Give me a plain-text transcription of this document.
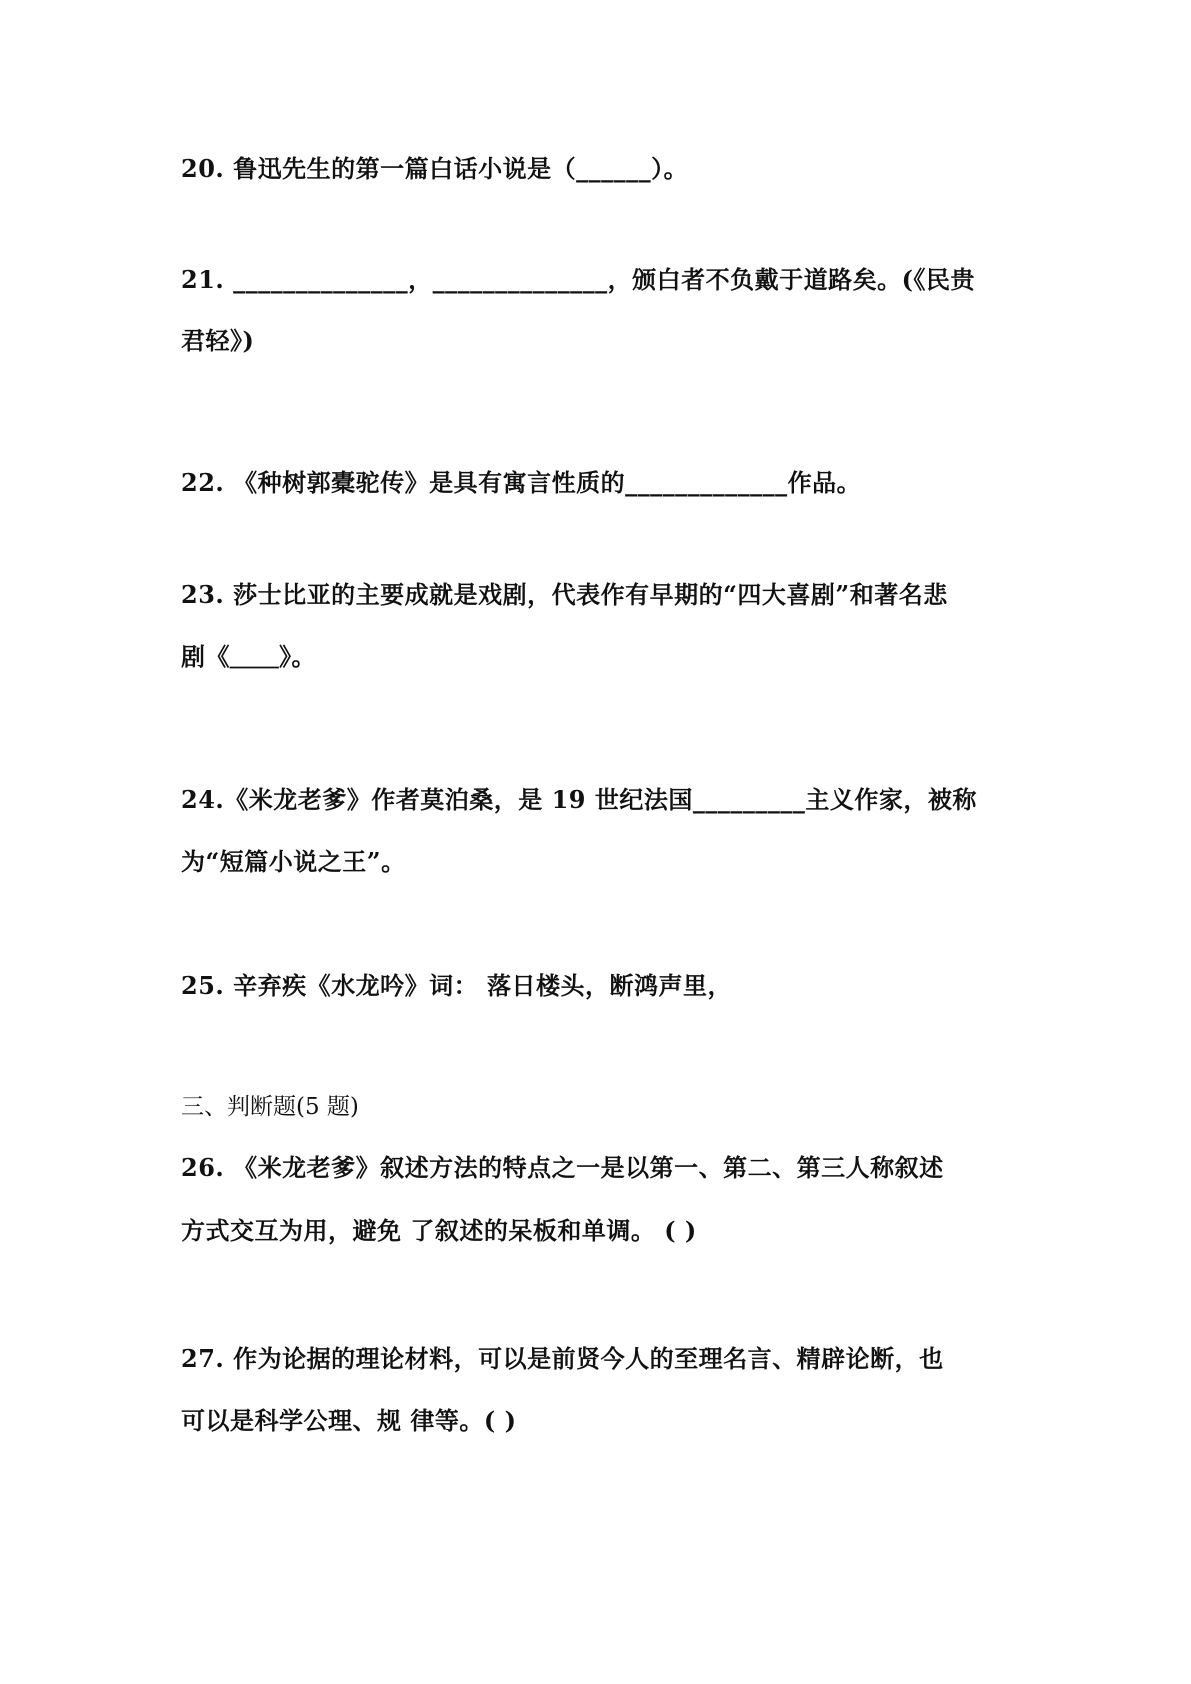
20. 鲁迅先生的第一篇白话小说是（______）。
21. ______________，______________，颁白者不负戴于道路矣。(《民贵
君轻》)
22. 《种树郭橐驼传》是具有寓言性质的_____________作品。
23. 莎士比亚的主要成就是戏剧，代表作有早期的“四大喜剧”和著名悲
剧《＿＿》。
24.《米龙老爹》作者莫泊桑，是 19 世纪法国_________主义作家，被称
为“短篇小说之王”。
25. 辛弃疾《水龙吟》词： 落日楼头，断鸿声里，
三、判断题(5 题)
26. 《米龙老爹》叙述方法的特点之一是以第一、第二、第三人称叙述
方式交互为用，避免 了叙述的呆板和单调。 ( )
27. 作为论据的理论材料，可以是前贤今人的至理名言、精辟论断，也
可以是科学公理、规 律等。( )
